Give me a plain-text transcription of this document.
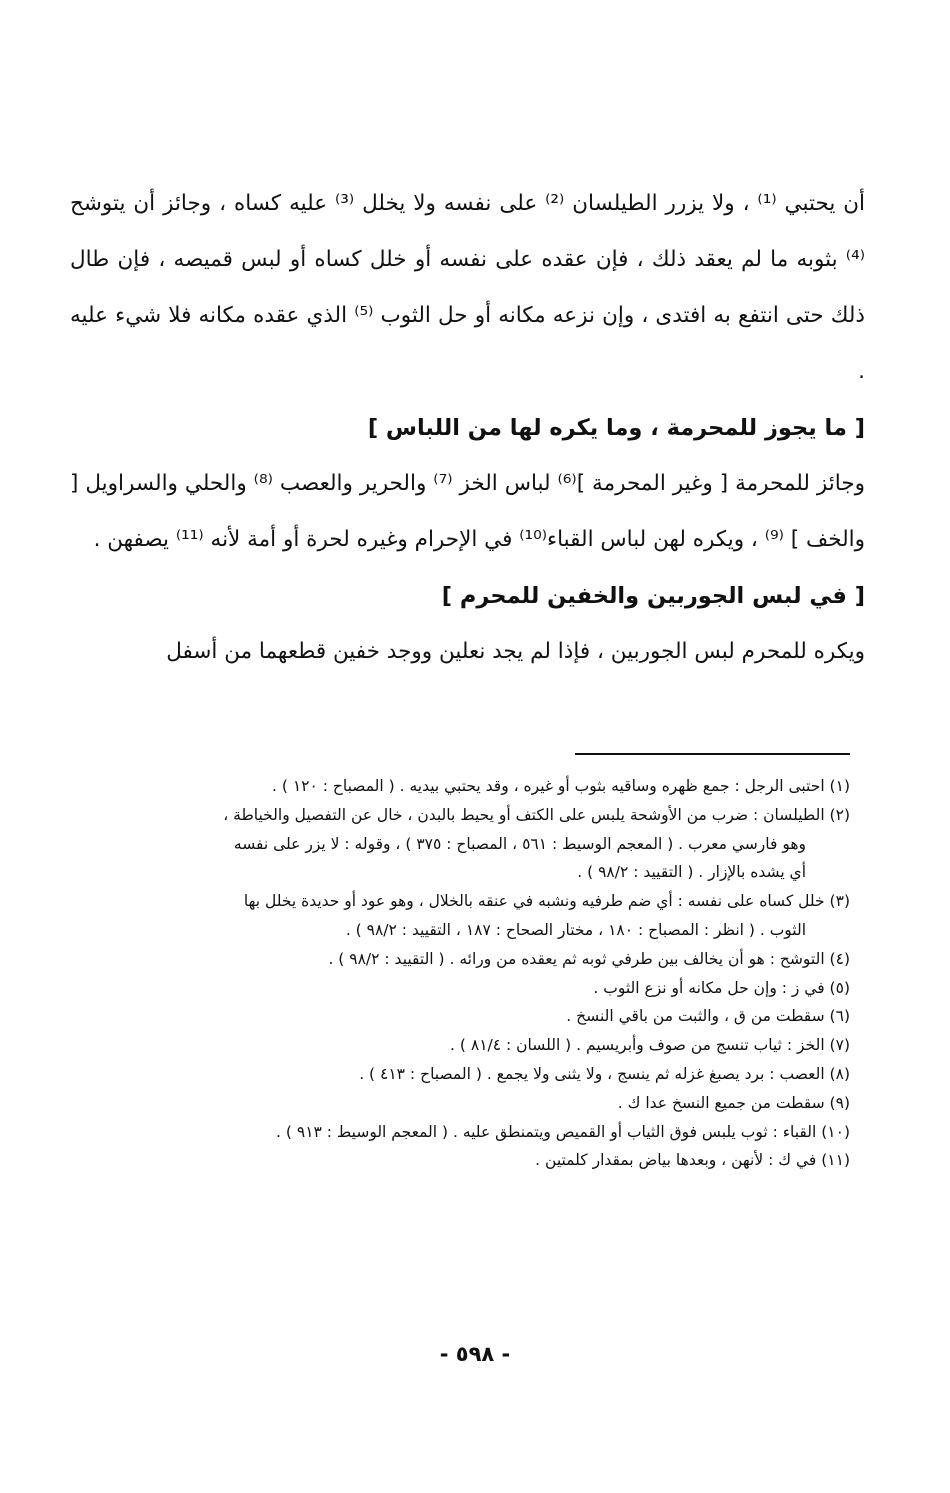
أن يحتبي ⁽¹⁾ ، ولا يزرر الطيلسان ⁽²⁾ على نفسه ولا يخلل ⁽³⁾ عليه كساه ، وجائز أن يتوشح ⁽⁴⁾ بثوبه ما لم يعقد ذلك ، فإن عقده على نفسه أو خلل كساه أو لبس قميصه ، فإن طال ذلك حتى انتفع به افتدى ، وإن نزعه مكانه أو حل الثوب ⁽⁵⁾ الذي عقده مكانه فلا شيء عليه .

[ ما يجوز للمحرمة ، وما يكره لها من اللباس ]

وجائز للمحرمة [ وغير المحرمة ]⁽⁶⁾ لباس الخز ⁽⁷⁾ والحرير والعصب ⁽⁸⁾ والحلي والسراويل [ والخف ] ⁽⁹⁾ ، ويكره لهن لباس القباء⁽¹⁰⁾ في الإحرام وغيره لحرة أو أمة لأنه ⁽¹¹⁾ يصفهن .

[ في لبس الجوربين والخفين للمحرم ]

ويكره للمحرم لبس الجوربين ، فإذا لم يجد نعلين ووجد خفين قطعهما من أسفل

(١) احتبى الرجل : جمع ظهره وساقيه بثوب أو غيره ، وقد يحتبي بيديه . ( المصباح : ١٢٠ ) .

(٢) الطيلسان : ضرب من الأوشحة يلبس على الكتف أو يحيط بالبدن ، خال عن التفصيل والخياطة ،

وهو فارسي معرب . ( المعجم الوسيط : ٥٦١ ، المصباح : ٣٧٥ ) ، وقوله : لا يزر على نفسه

أي يشده بالإزار . ( التقييد : ٩٨/٢ ) .

(٣) خلل كساه على نفسه : أي ضم طرفيه ونشبه في عنقه بالخلال ، وهو عود أو حديدة يخلل بها

الثوب . ( انظر : المصباح : ١٨٠ ، مختار الصحاح : ١٨٧ ، التقييد : ٩٨/٢ ) .

(٤) التوشح : هو أن يخالف بين طرفي ثوبه ثم يعقده من ورائه . ( التقييد : ٩٨/٢ ) .

(٥) في ز : وإن حل مكانه أو نزع الثوب .

(٦) سقطت من ق ، والثبت من باقي النسخ .

(٧) الخز : ثياب تنسج من صوف وأبريسيم . ( اللسان : ٨١/٤ ) .

(٨) العصب : برد يصبغ غزله ثم ينسج ، ولا يثنى ولا يجمع . ( المصباح : ٤١٣ ) .

(٩) سقطت من جميع النسخ عدا ك .

(١٠) القباء : ثوب يلبس فوق الثياب أو القميص ويتمنطق عليه . ( المعجم الوسيط : ٩١٣ ) .

(١١) في ك : لأنهن ، وبعدها بياض بمقدار كلمتين .

- ٥٩٨ -
